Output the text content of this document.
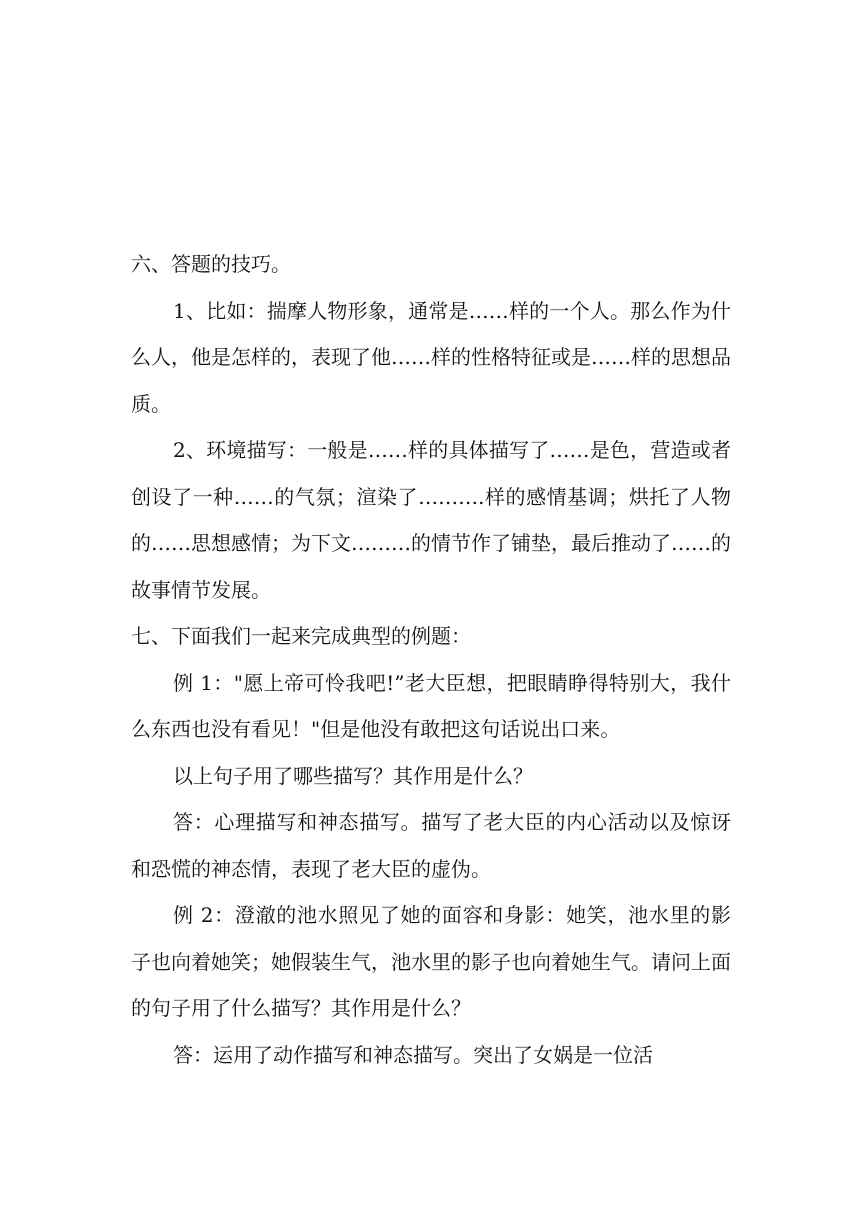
六、答题的技巧。

1、比如：揣摩人物形象，通常是……样的一个人。那么作为什么人，他是怎样的，表现了他……样的性格特征或是……样的思想品质。

2、环境描写：一般是……样的具体描写了……是色，营造或者创设了一种……的气氛；渲染了……….样的感情基调；烘托了人物的……思想感情；为下文………的情节作了铺垫，最后推动了……的故事情节发展。

七、下面我们一起来完成典型的例题：

例 1："愿上帝可怜我吧!”老大臣想，把眼睛睁得特别大，我什么东西也没有看见！"但是他没有敢把这句话说出口来。

以上句子用了哪些描写？其作用是什么？

答：心理描写和神态描写。描写了老大臣的内心活动以及惊讶和恐慌的神态情，表现了老大臣的虚伪。

例 2：澄澈的池水照见了她的面容和身影：她笑，池水里的影子也向着她笑；她假装生气，池水里的影子也向着她生气。请问上面的句子用了什么描写？其作用是什么？

答：运用了动作描写和神态描写。突出了女娲是一位活
